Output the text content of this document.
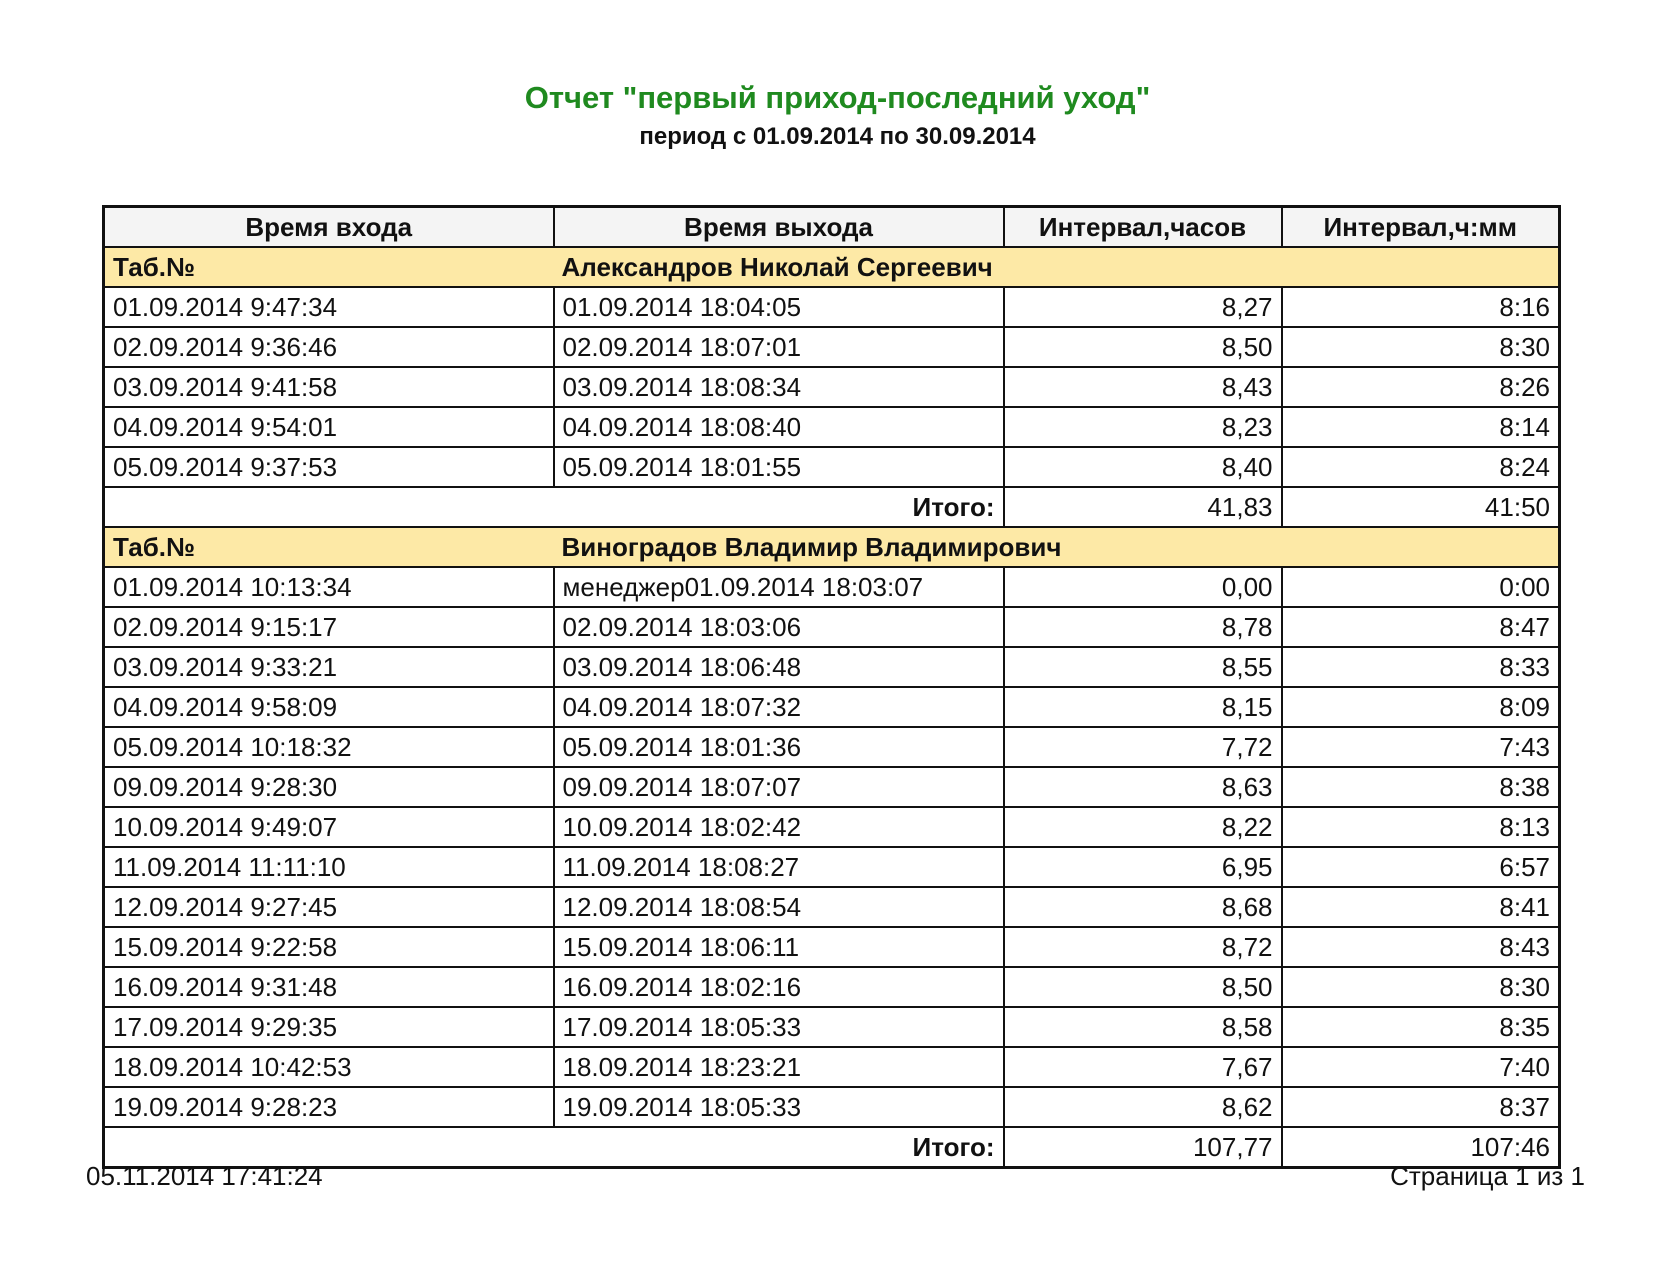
Отчет "первый приход-последний уход"
период с 01.09.2014 по 30.09.2014
Время входа	Время выхода	Интервал,часов	Интервал,ч:мм
Таб.№	Александров Николай Сергеевич		
01.09.2014 9:47:34	01.09.2014 18:04:05	8,27	8:16
02.09.2014 9:36:46	02.09.2014 18:07:01	8,50	8:30
03.09.2014 9:41:58	03.09.2014 18:08:34	8,43	8:26
04.09.2014 9:54:01	04.09.2014 18:08:40	8,23	8:14
05.09.2014 9:37:53	05.09.2014 18:01:55	8,40	8:24
Итого:		41,83	41:50
Таб.№	Виноградов Владимир Владимирович		
01.09.2014 10:13:34	менеджер01.09.2014 18:03:07	0,00	0:00
02.09.2014 9:15:17	02.09.2014 18:03:06	8,78	8:47
03.09.2014 9:33:21	03.09.2014 18:06:48	8,55	8:33
04.09.2014 9:58:09	04.09.2014 18:07:32	8,15	8:09
05.09.2014 10:18:32	05.09.2014 18:01:36	7,72	7:43
09.09.2014 9:28:30	09.09.2014 18:07:07	8,63	8:38
10.09.2014 9:49:07	10.09.2014 18:02:42	8,22	8:13
11.09.2014 11:11:10	11.09.2014 18:08:27	6,95	6:57
12.09.2014 9:27:45	12.09.2014 18:08:54	8,68	8:41
15.09.2014 9:22:58	15.09.2014 18:06:11	8,72	8:43
16.09.2014 9:31:48	16.09.2014 18:02:16	8,50	8:30
17.09.2014 9:29:35	17.09.2014 18:05:33	8,58	8:35
18.09.2014 10:42:53	18.09.2014 18:23:21	7,67	7:40
19.09.2014 9:28:23	19.09.2014 18:05:33	8,62	8:37
Итого:		107,77	107:46
05.11.2014 17:41:24	Страница 1 из 1
